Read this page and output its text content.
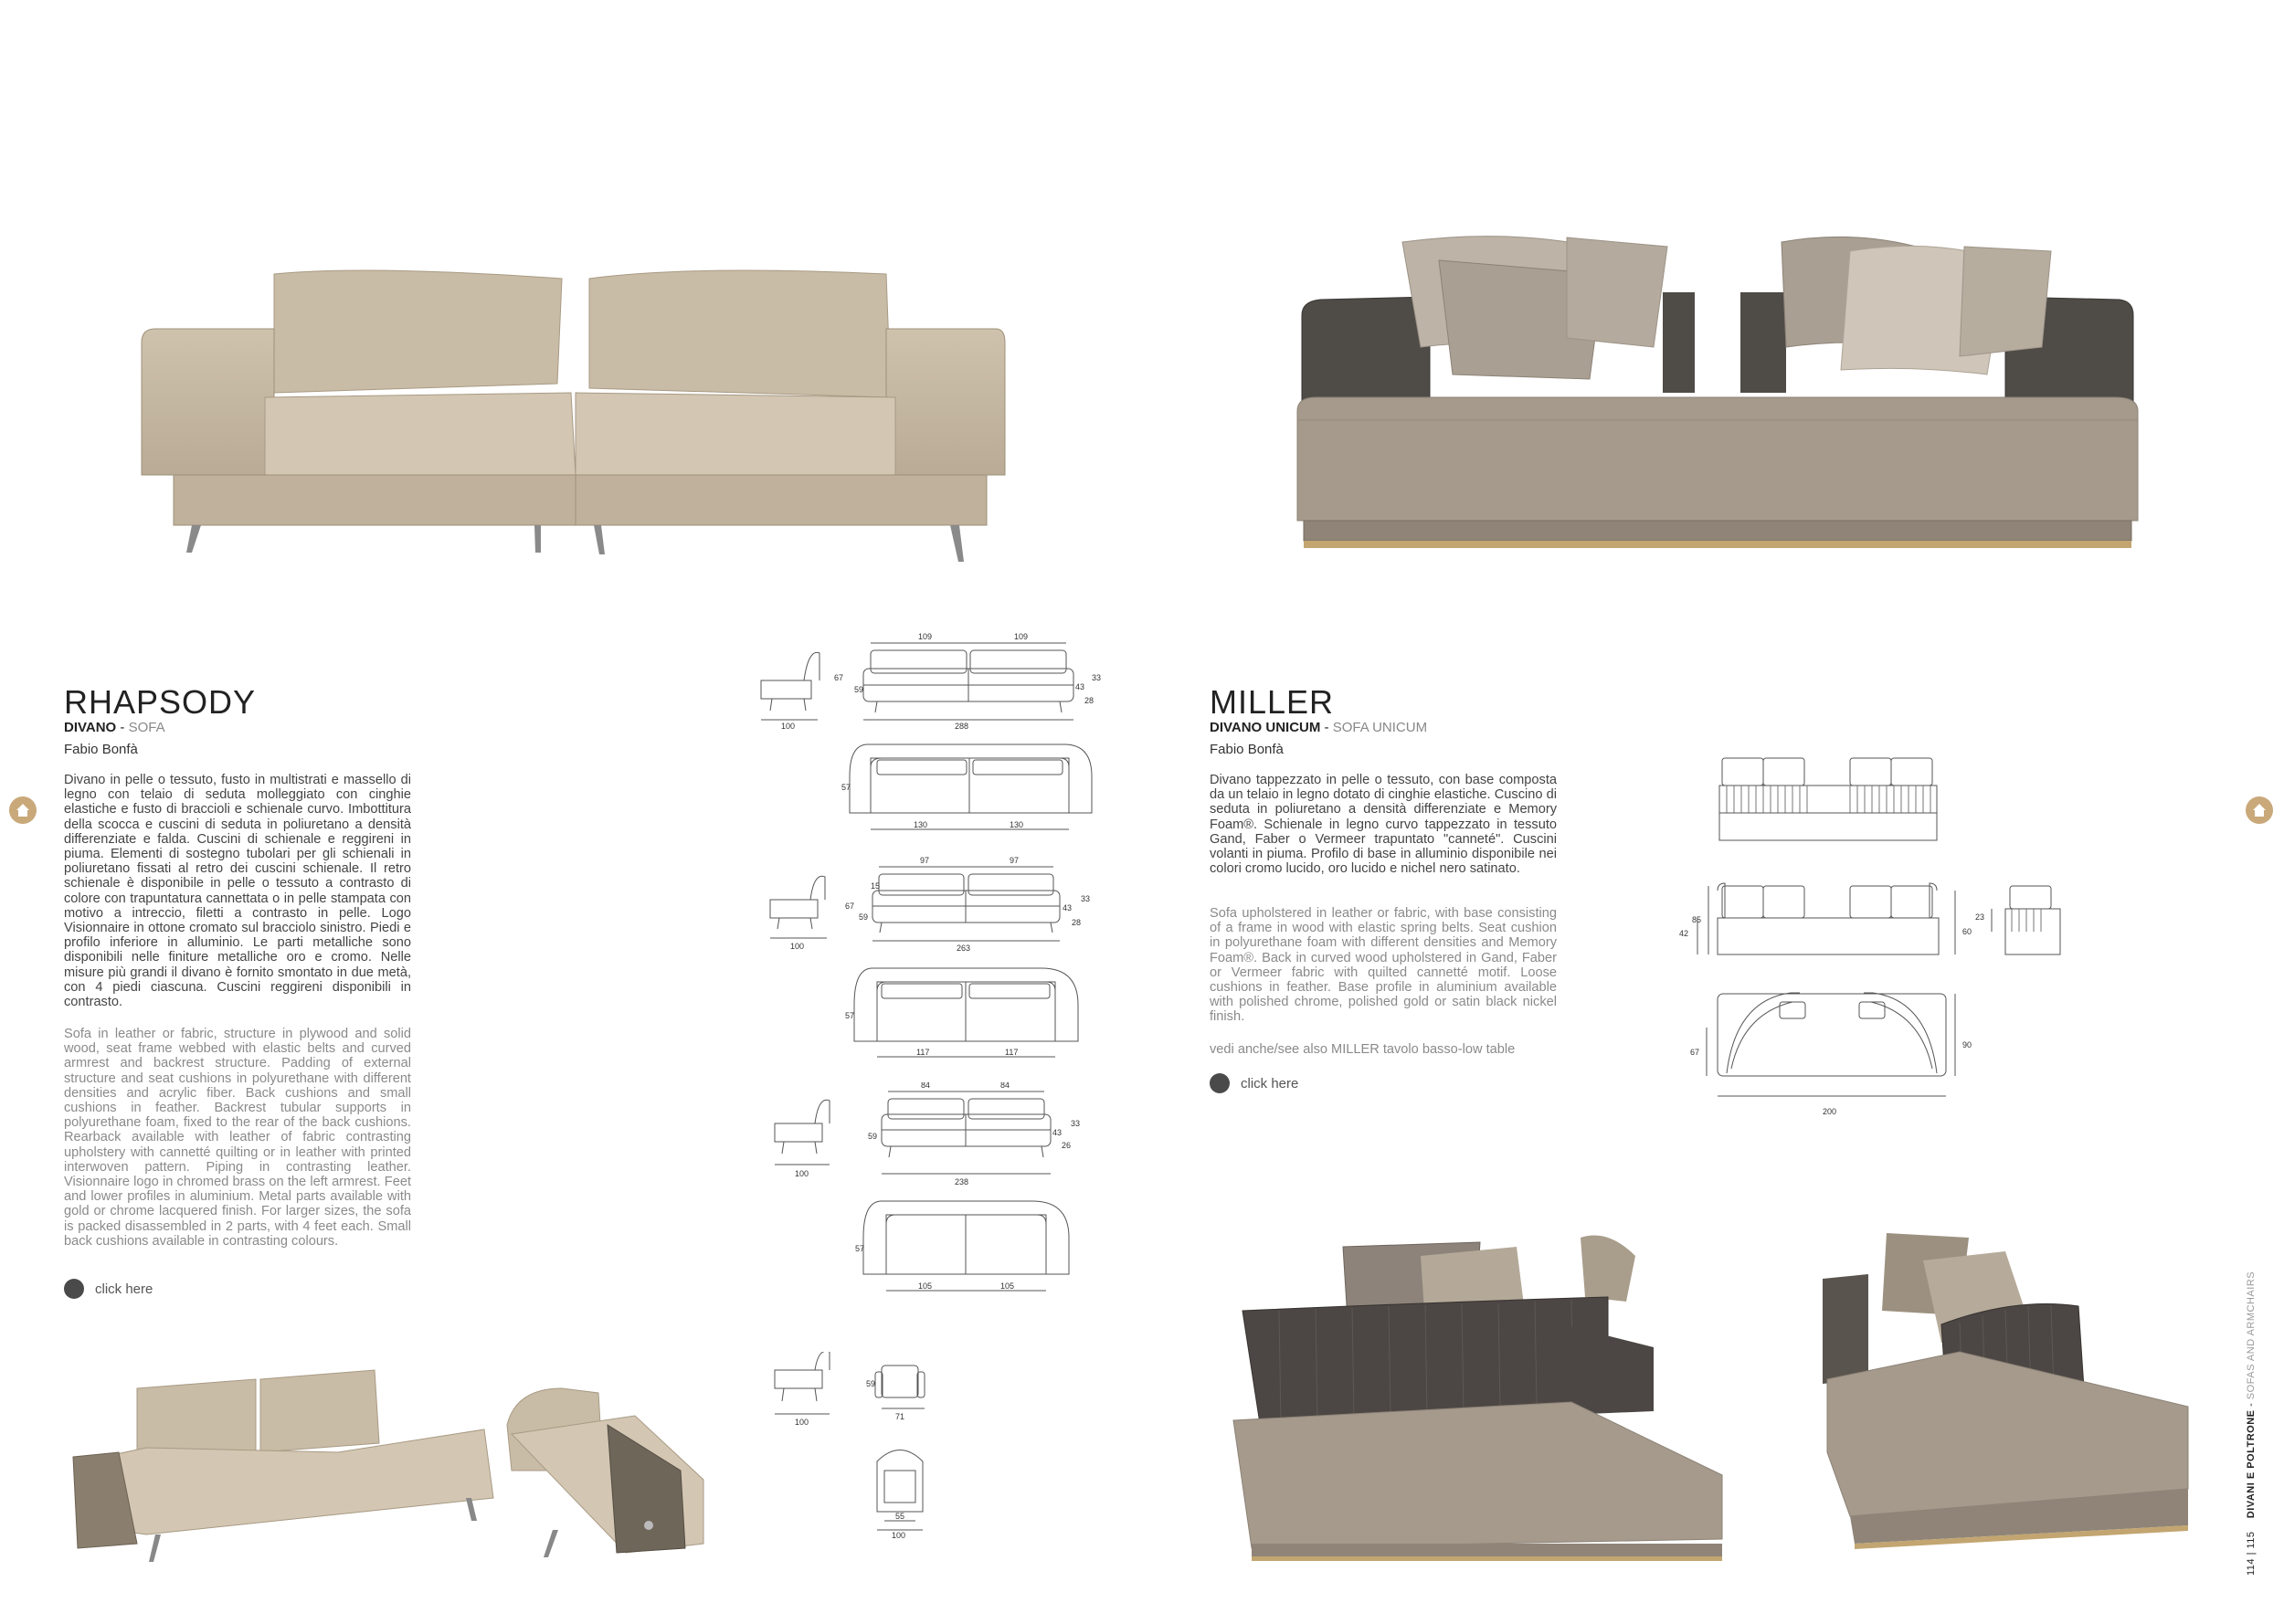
RHAPSODY
DIVANO - SOFA
Fabio Bonfà

Divano in pelle o tessuto, fusto in multistrati e massello di legno con telaio di seduta molleggiato con cinghie elastiche e fusto di braccioli e schienale curvo. Imbottitura della scocca e cuscini di seduta in poliuretano a densità differenziate e falda. Cuscini di schienale e reggireni in piuma. Elementi di sostegno tubolari per gli schienali in poliuretano fissati al retro dei cuscini schienale. Il retro schienale è disponibile in pelle o tessuto a contrasto di colore con trapuntatura cannettata o in pelle stampata con motivo a intreccio, filetti a contrasto in pelle. Logo Visionnaire in ottone cromato sul bracciolo sinistro. Piedi e profilo inferiore in alluminio. Le parti metalliche sono disponibili nelle finiture metalliche oro e cromo. Nelle misure più grandi il divano è fornito smontato in due metà, con 4 piedi ciascuna. Cuscini reggireni disponibili in contrasto.

Sofa in leather or fabric, structure in plywood and solid wood, seat frame webbed with elastic belts and curved armrest and backrest structure. Padding of external structure and seat cushions in polyurethane with different densities and acrylic fiber. Back cushions and small cushions in feather. Backrest tubular supports in polyurethane foam, fixed to the rear of the back cushions. Rearback available with leather of fabric contrasting upholstery with cannetté quilting or in leather with printed interwoven pattern. Piping in contrasting leather. Visionnaire logo in chromed brass on the left armrest. Feet and lower profiles in aluminium. Metal parts available with gold or chrome lacquered finish. For larger sizes, the sofa is packed disassembled in 2 parts, with 4 feet each. Small back cushions available in contrasting colours.

click here
109	109
67
59
100	288
43
28
33
57
130	130
97	97
15
67
59
100	263
43
28
33
57
117	117
84	84
59
100
238
43
26
33
57
105	105
59
100
71
55
100
MILLER
DIVANO UNICUM - SOFA UNICUM
Fabio Bonfà

Divano tappezzato in pelle o tessuto, con base composta da un telaio in legno dotato di cinghie elastiche. Cuscino di seduta in poliuretano a densità differenziate e Memory Foam®. Schienale in legno curvo tappezzato in tessuto Gand, Faber o Vermeer trapuntato "canneté". Cuscini volanti in piuma. Profilo di base in alluminio disponibile nei colori cromo lucido, oro lucido e nichel nero satinato.

Sofa upholstered in leather or fabric, with base consisting of a frame in wood with elastic spring belts. Seat cushion in polyurethane foam with different densities and Memory Foam®. Back in curved wood upholstered in Gand, Faber or Vermeer fabric with quilted cannetté motif. Loose cushions in feather. Base profile in aluminium available with polished chrome, polished gold or satin black nickel finish.

vedi anche/see also MILLER tavolo basso-low table
click here
85
42	60
23
67
90
200
114 | 115    DIVANI E POLTRONE - SOFAS AND ARMCHAIRS
